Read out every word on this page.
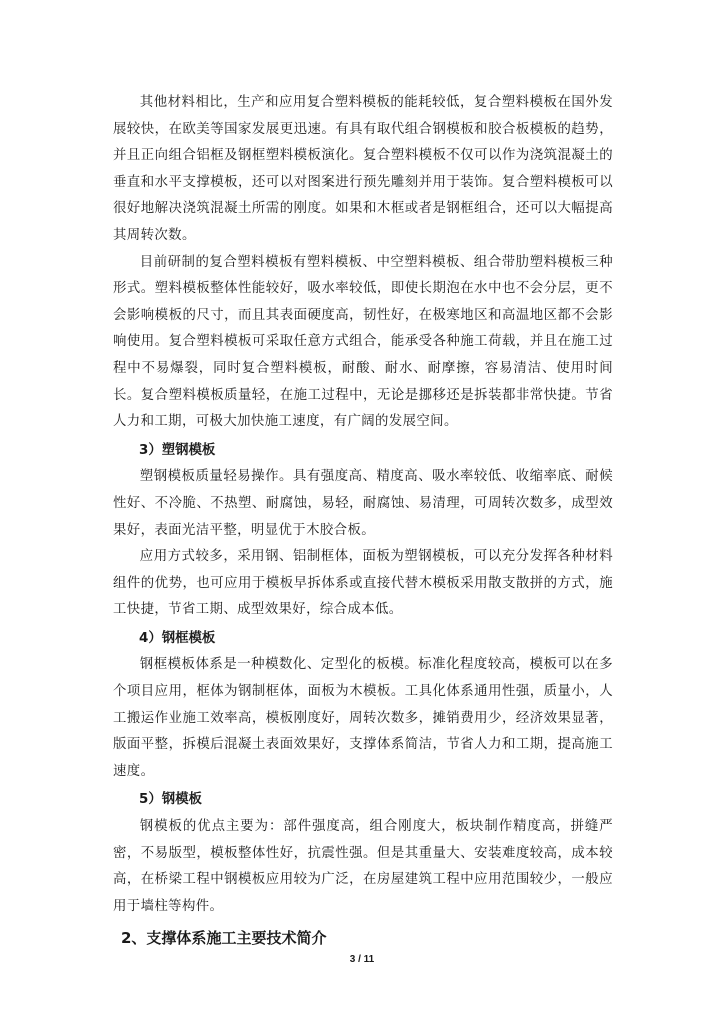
其他材料相比，生产和应用复合塑料模板的能耗较低，复合塑料模板在国外发展较快，在欧美等国家发展更迅速。有具有取代组合钢模板和胶合板模板的趋势，并且正向组合铝框及钢框塑料模板演化。复合塑料模板不仅可以作为浇筑混凝土的垂直和水平支撑模板，还可以对图案进行预先雕刻并用于装饰。复合塑料模板可以很好地解决浇筑混凝土所需的刚度。如果和木框或者是钢框组合，还可以大幅提高其周转次数。

目前研制的复合塑料模板有塑料模板、中空塑料模板、组合带肋塑料模板三种形式。塑料模板整体性能较好，吸水率较低，即使长期泡在水中也不会分层，更不会影响模板的尺寸，而且其表面硬度高，韧性好，在极寒地区和高温地区都不会影响使用。复合塑料模板可采取任意方式组合，能承受各种施工荷载，并且在施工过程中不易爆裂，同时复合塑料模板，耐酸、耐水、耐摩擦，容易清洁、使用时间长。复合塑料模板质量轻，在施工过程中，无论是挪移还是拆装都非常快捷。节省人力和工期，可极大加快施工速度，有广阔的发展空间。

3）塑钢模板

塑钢模板质量轻易操作。具有强度高、精度高、吸水率较低、收缩率底、耐候性好、不冷脆、不热塑、耐腐蚀，易轻，耐腐蚀、易清理，可周转次数多，成型效果好，表面光洁平整，明显优于木胶合板。

应用方式较多，采用钢、铝制框体，面板为塑钢模板，可以充分发挥各种材料组件的优势，也可应用于模板早拆体系或直接代替木模板采用散支散拼的方式，施工快捷，节省工期、成型效果好，综合成本低。

4）钢框模板

钢框模板体系是一种模数化、定型化的板模。标准化程度较高，模板可以在多个项目应用，框体为钢制框体，面板为木模板。工具化体系通用性强，质量小，人工搬运作业施工效率高，模板刚度好，周转次数多，摊销费用少，经济效果显著，版面平整，拆模后混凝土表面效果好，支撑体系简洁，节省人力和工期，提高施工速度。

5）钢模板

钢模板的优点主要为：部件强度高，组合刚度大，板块制作精度高，拼缝严密，不易版型，模板整体性好，抗震性强。但是其重量大、安装难度较高，成本较高，在桥梁工程中钢模板应用较为广泛，在房屋建筑工程中应用范围较少，一般应用于墙柱等构件。

2、支撑体系施工主要技术简介

3 / 11
